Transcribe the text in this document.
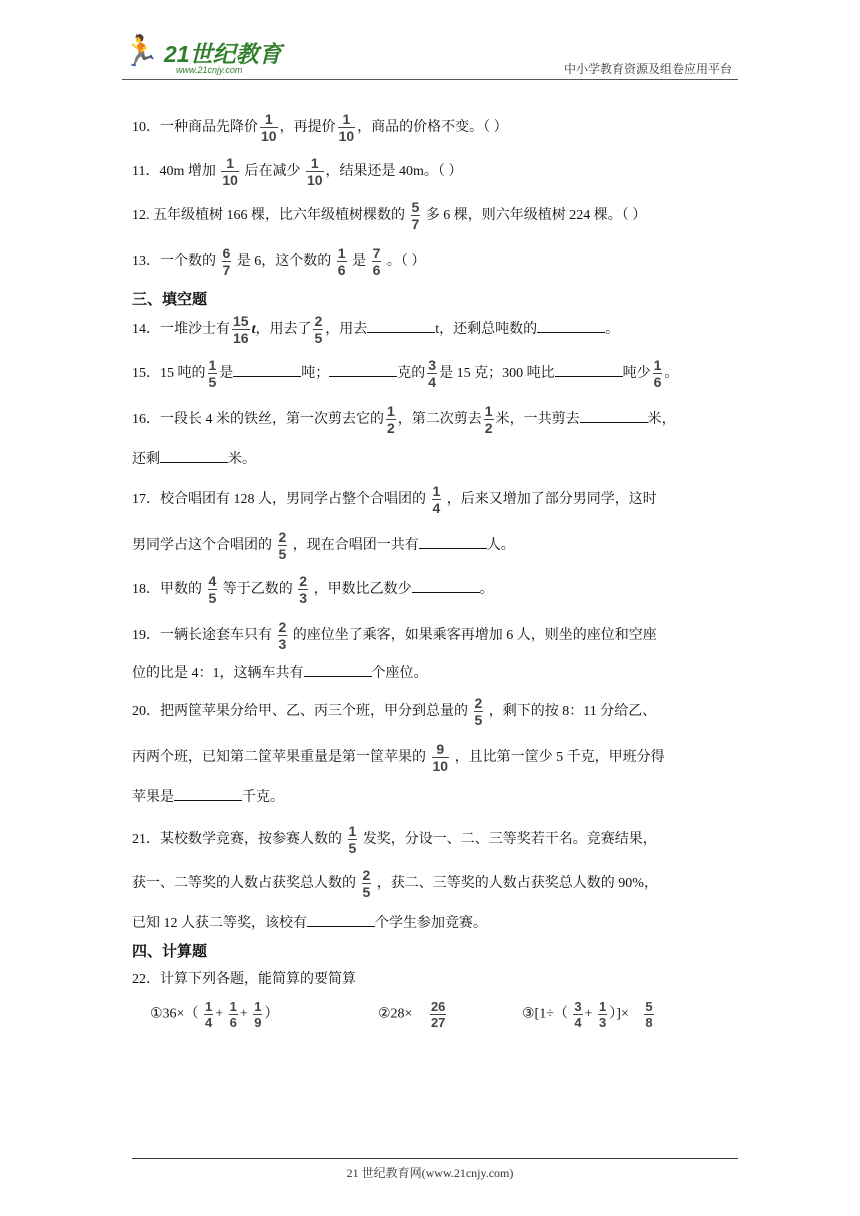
🏃 21世纪教育
www.21cnjy.com	中小学教育资源及组卷应用平台
10．一种商品先降价 $\frac{1}{10}$ ，再提价 $\frac{1}{10}$ ，商品的价格不变。（ ）
11．40m 增加 $\frac{1}{10}$ 后在减少 $\frac{1}{10}$ ，结果还是 40m。（ ）
12. 五年级植树 166 棵，比六年级植树棵数的 $\frac{5}{7}$ 多 6 棵，则六年级植树 224 棵。（ ）
13．一个数的 $\frac{6}{7}$ 是 6，这个数的 $\frac{1}{6}$ 是 $\frac{7}{6}$ 。（ ）
三、填空题
14．一堆沙士有 $\frac{15}{16}$ t，用去了 $\frac{2}{5}$ ，用去	t，还剩总吨数的	。
15．15 吨的 $\frac{1}{5}$ 是	吨；	克的 $\frac{3}{4}$ 是 15 克；300 吨比	吨少 $\frac{1}{6}$ 。
16．一段长 4 米的铁丝，第一次剪去它的 $\frac{1}{2}$ ，第二次剪去 $\frac{1}{2}$ 米，一共剪去	米，
还剩	米。
17．校合唱团有 128 人，男同学占整个合唱团的 $\frac{1}{4}$ ，后来又增加了部分男同学，这时
男同学占这个合唱团的 $\frac{2}{5}$ ，现在合唱团一共有	人。
18．甲数的 $\frac{4}{5}$ 等于乙数的 $\frac{2}{3}$ ，甲数比乙数少	。
19．一辆长途套车只有 $\frac{2}{3}$ 的座位坐了乘客，如果乘客再增加 6 人，则坐的座位和空座
位的比是 4：1，这辆车共有	个座位。
20．把两筐苹果分给甲、乙、丙三个班，甲分到总量的 $\frac{2}{5}$ ，剩下的按 8：11 分给乙、
丙两个班，已知第二筐苹果重量是第一筐苹果的 $\frac{9}{10}$ ，且比第一筐少 5 千克，甲班分得
苹果是	千克。
21．某校数学竞赛，按参赛人数的 $\frac{1}{5}$ 发奖，分设一、二、三等奖若干名。竞赛结果，
获一、二等奖的人数占获奖总人数的 $\frac{2}{5}$ ，获二、三等奖的人数占获奖总人数的 90%，
已知 12 人获二等奖，该校有	个学生参加竞赛。
四、计算题
22．计算下列各题，能简算的要简算
①36×（ $\frac{1}{4} + \frac{1}{6} + \frac{1}{9}$ ）	②28× $\frac{26}{27}$	③[1÷（ $\frac{3}{4} + \frac{1}{3}$ ）]× $\frac{5}{8}$
21 世纪教育网(www.21cnjy.com)
